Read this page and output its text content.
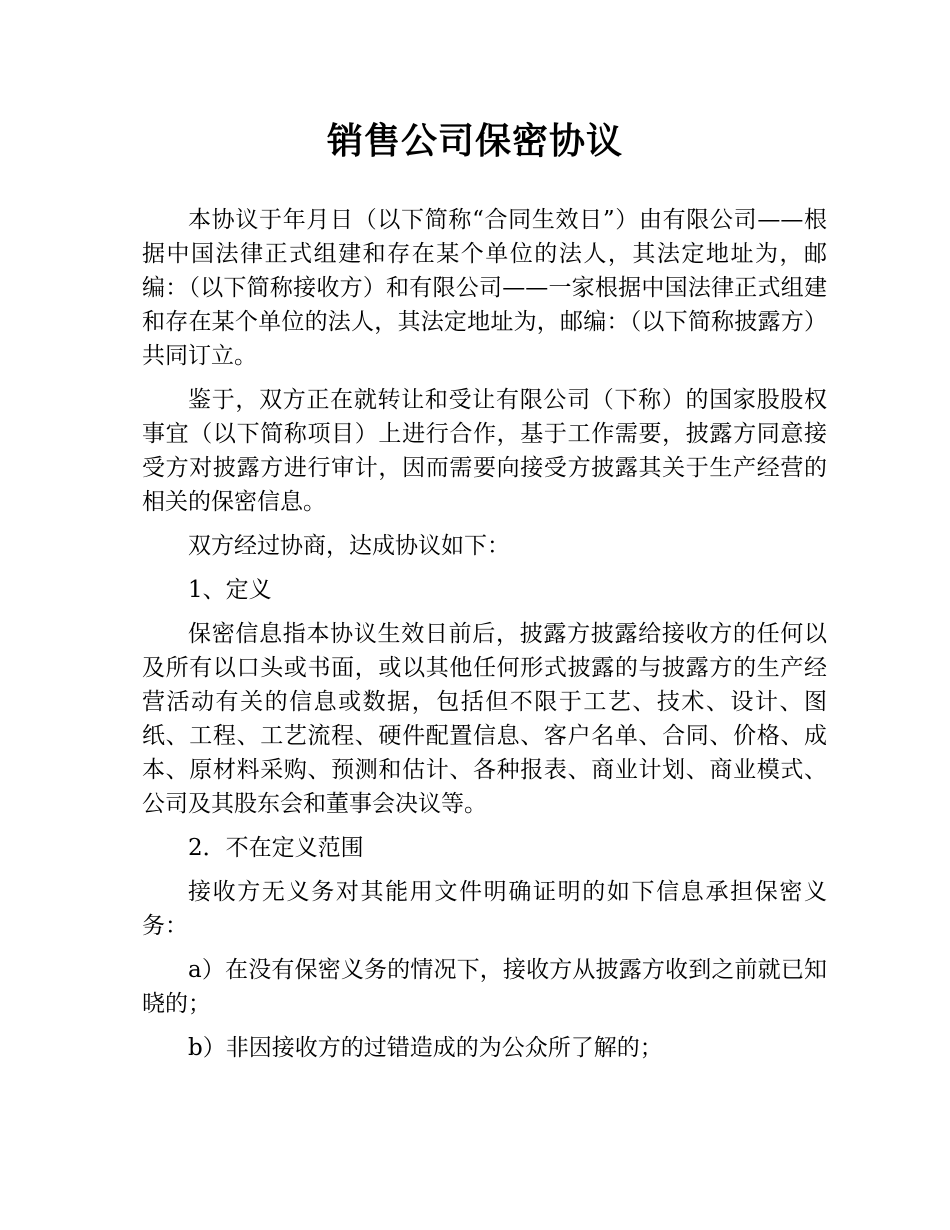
销售公司保密协议

本协议于年月日（以下简称“合同生效日”）由有限公司——根据中国法律正式组建和存在某个单位的法人，其法定地址为，邮编：（以下简称接收方）和有限公司——一家根据中国法律正式组建和存在某个单位的法人，其法定地址为，邮编：（以下简称披露方）共同订立。

鉴于，双方正在就转让和受让有限公司（下称）的国家股股权事宜（以下简称项目）上进行合作，基于工作需要，披露方同意接受方对披露方进行审计，因而需要向接受方披露其关于生产经营的相关的保密信息。

双方经过协商，达成协议如下：

1、定义

保密信息指本协议生效日前后，披露方披露给接收方的任何以及所有以口头或书面，或以其他任何形式披露的与披露方的生产经营活动有关的信息或数据，包括但不限于工艺、技术、设计、图纸、工程、工艺流程、硬件配置信息、客户名单、合同、价格、成本、原材料采购、预测和估计、各种报表、商业计划、商业模式、公司及其股东会和董事会决议等。

2．不在定义范围

接收方无义务对其能用文件明确证明的如下信息承担保密义务：

a）在没有保密义务的情况下，接收方从披露方收到之前就已知晓的；

b）非因接收方的过错造成的为公众所了解的；
